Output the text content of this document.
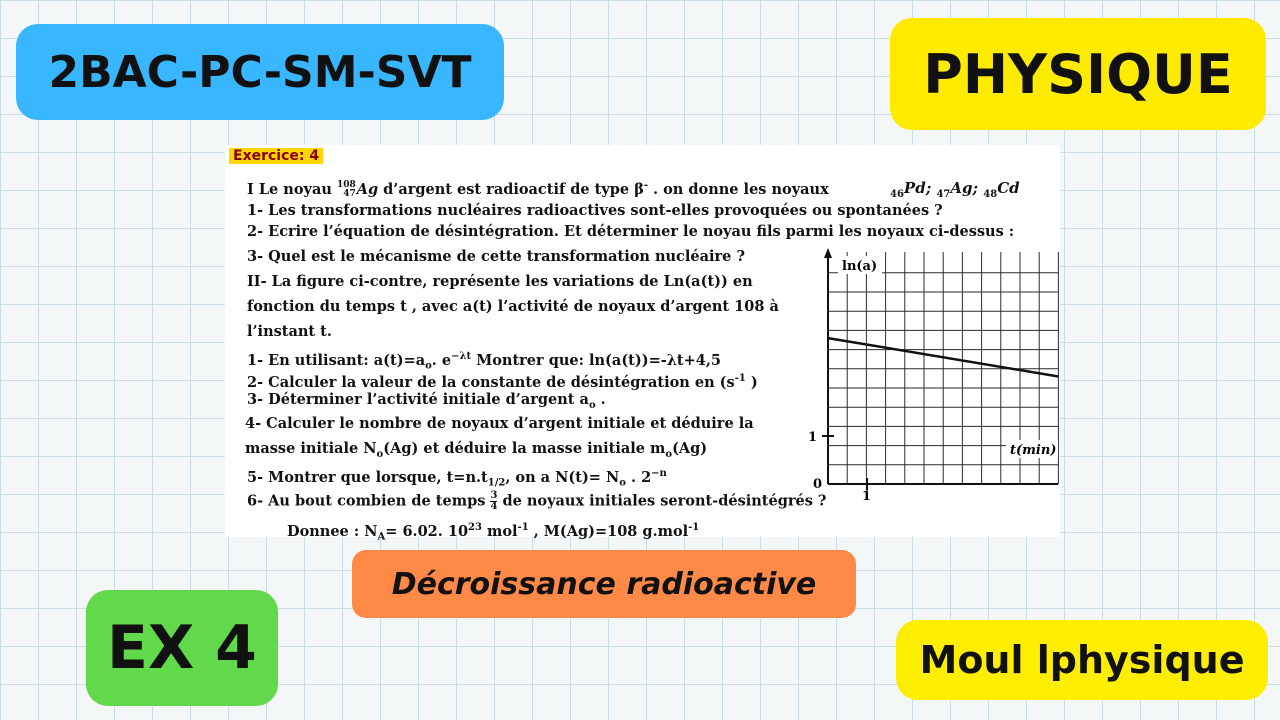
2BAC-PC-SM-SVT	PHYSIQUE
Exercice: 4
I Le noyau 108
47 Ag d’argent est radioactif de type β- . on donne les noyaux	$_{46}$Pd; $_{47}$Ag; $_{48}$Cd
1- Les transformations nucléaires radioactives sont-elles provoquées ou spontanées ?
2- Ecrire l’équation de désintégration. Et déterminer le noyau fils parmi les noyaux ci-dessus :
3- Quel est le mécanisme de cette transformation nucléaire ?
II- La figure ci-contre, représente les variations de Ln(a(t)) en
fonction du temps t , avec a(t) l’activité de noyaux d’argent 108 à
l’instant t.
1- En utilisant: $a(t)=a_o$. $e^{-\lambda t}$ Montrer que: ln(a(t))=-λt+4,5
2- Calculer la valeur de la constante de désintégration en ($s^{-1}$ )
3- Déterminer l’activité initiale d’argent $a_o$ .
4- Calculer le nombre de noyaux d’argent initiale et déduire la
masse initiale $N_o(Ag)$ et déduire la masse initiale $m_o(Ag)$
5- Montrer que lorsque, $t=n.t_{1/2}$, on a $N(t)= N_o$ . $2^{-n}$
6- Au bout combien de temps $\frac{3}{4}$ de noyaux initiales seront-désintégrés ?
Donnee : $N_A= 6.02$. $10^{23}$ mol$^{-1}$ , M(Ag)=108 g.mol$^{-1}$
ln(a)
t(min)
0
1
1
Décroissance radioactive
EX 4	Moul lphysique
